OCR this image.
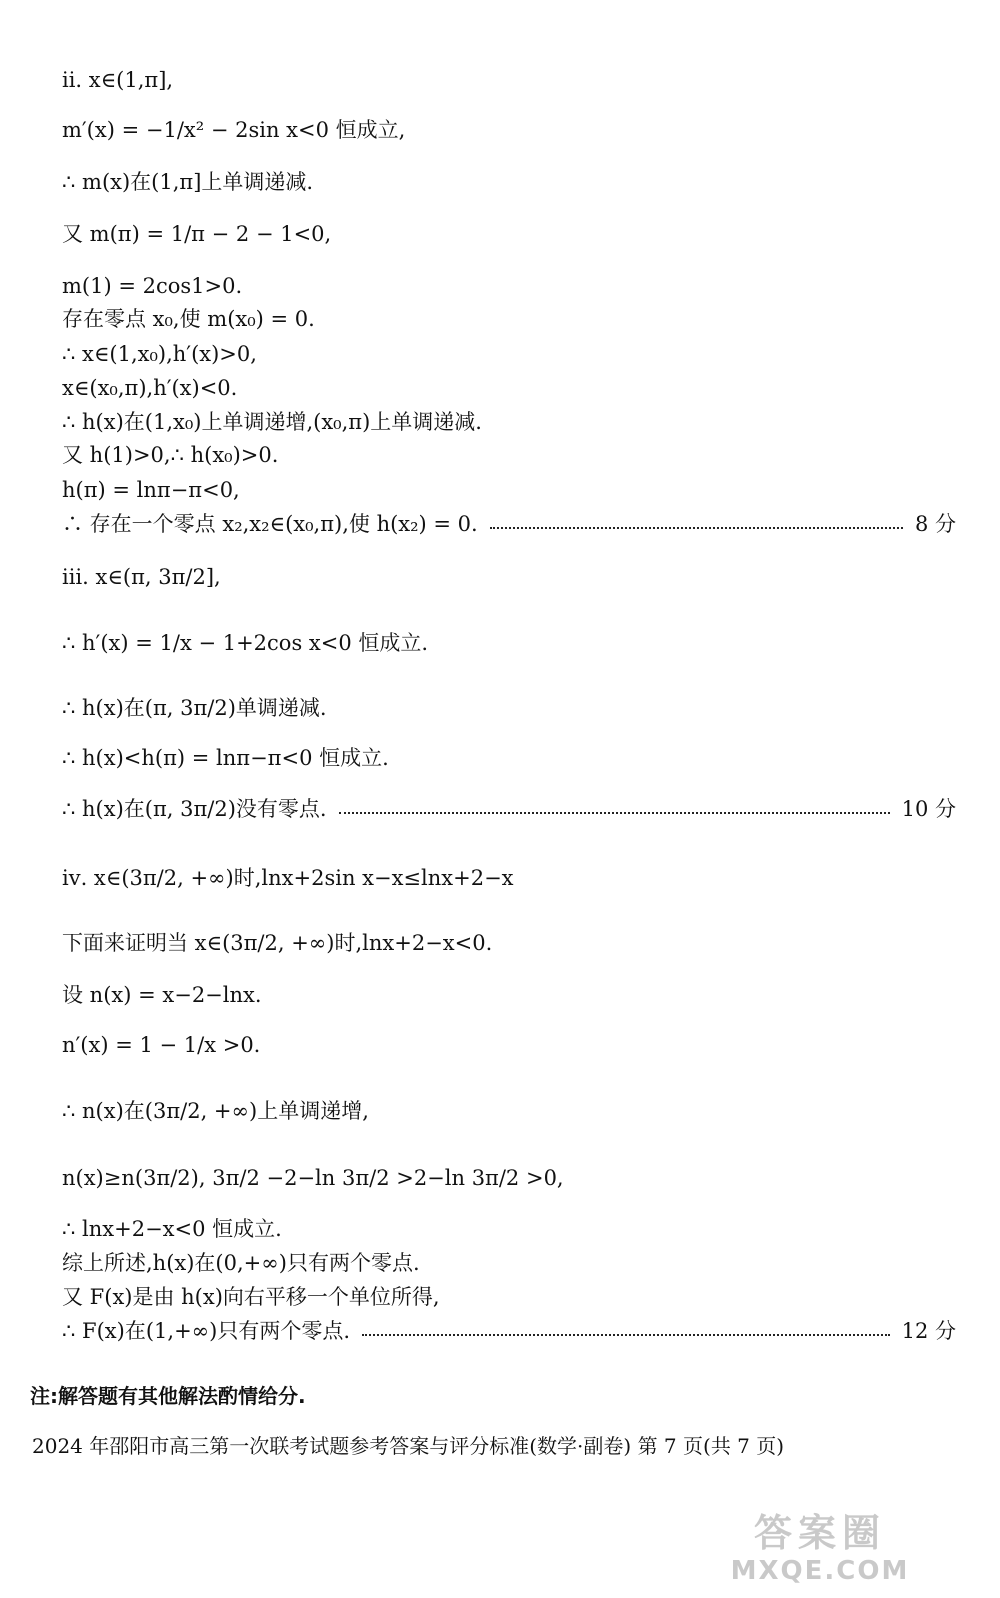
ⅱ. x∈(1,π],
m′(x) = −1/x² − 2sin x<0 恒成立,
∴ m(x)在(1,π]上单调递减.
又 m(π) = 1/π − 2 − 1<0,
m(1) = 2cos1>0.
存在零点 x₀,使 m(x₀) = 0.
∴ x∈(1,x₀),h′(x)>0,
x∈(x₀,π),h′(x)<0.
∴ h(x)在(1,x₀)上单调递增,(x₀,π)上单调递减.
又 h(1)>0,∴ h(x₀)>0.
h(π) = lnπ−π<0,
∴ 存在一个零点 x₂,x₂∈(x₀,π),使 h(x₂) = 0.	8 分
ⅲ. x∈(π, 3π/2],
∴ h′(x) = 1/x − 1+2cos x<0 恒成立.
∴ h(x)在(π, 3π/2)单调递减.
∴ h(x)<h(π) = lnπ−π<0 恒成立.
∴ h(x)在(π, 3π/2)没有零点.	10 分
ⅳ. x∈(3π/2, +∞)时,lnx+2sin x−x≤lnx+2−x
下面来证明当 x∈(3π/2, +∞)时,lnx+2−x<0.
设 n(x) = x−2−lnx.
n′(x) = 1 − 1/x >0.
∴ n(x)在(3π/2, +∞)上单调递增,
n(x)≥n(3π/2), 3π/2 −2−ln 3π/2 >2−ln 3π/2 >0,
∴ lnx+2−x<0 恒成立.
综上所述,h(x)在(0,+∞)只有两个零点.
又 F(x)是由 h(x)向右平移一个单位所得,
∴ F(x)在(1,+∞)只有两个零点.	12 分
注:解答题有其他解法酌情给分.
2024 年邵阳市高三第一次联考试题参考答案与评分标准(数学·副卷) 第 7 页(共 7 页)
答案圈
MXQE.COM
